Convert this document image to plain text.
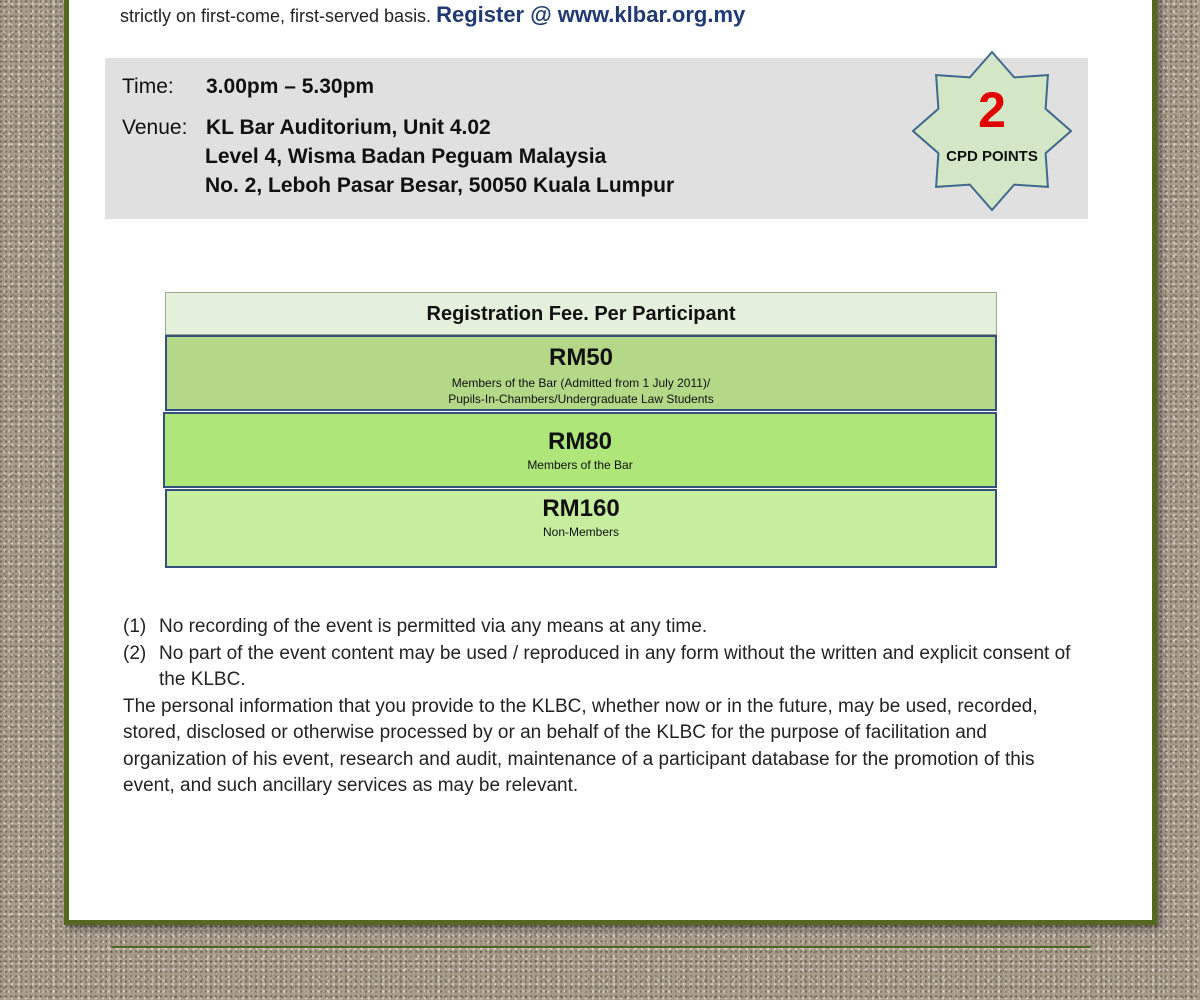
strictly on first-come, first-served basis. Register @ www.klbar.org.my
Time: 3.00pm – 5.30pm
Venue: KL Bar Auditorium, Unit 4.02
Level 4, Wisma Badan Peguam Malaysia
No. 2, Leboh Pasar Besar, 50050 Kuala Lumpur
2
CPD POINTS
Registration Fee. Per Participant
RM50
Members of the Bar (Admitted from 1 July 2011)/
Pupils-In-Chambers/Undergraduate Law Students
RM80
Members of the Bar
RM160
Non-Members
(1) No recording of the event is permitted via any means at any time.
(2) No part of the event content may be used / reproduced in any form without the written and explicit consent of the KLBC.
The personal information that you provide to the KLBC, whether now or in the future, may be used, recorded, stored, disclosed or otherwise processed by or an behalf of the KLBC for the purpose of facilitation and organization of his event, research and audit, maintenance of a participant database for the promotion of this event, and such ancillary services as may be relevant.
